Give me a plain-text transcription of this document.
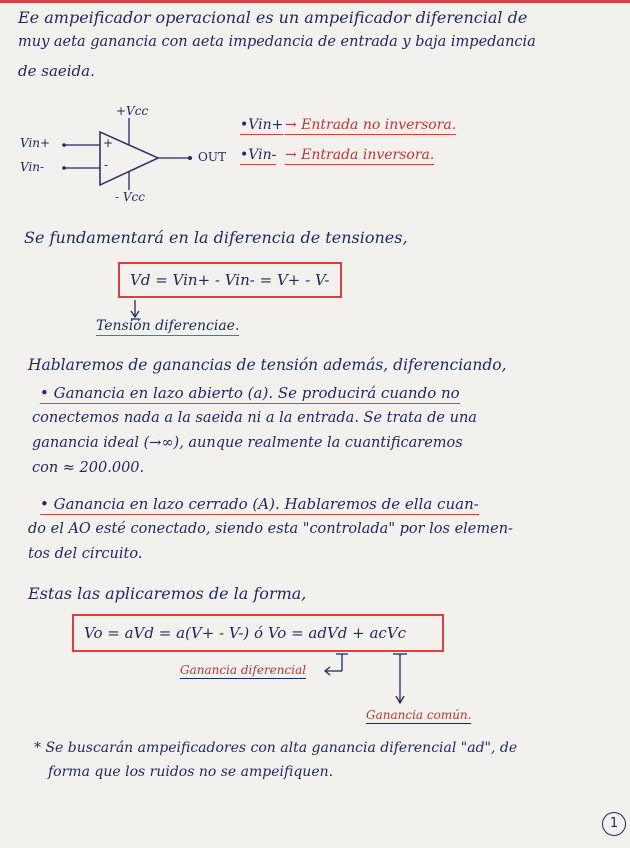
Ee ampeificador operacional es un ampeificador diferencial de
muy aeta ganancia con aeta impedancia de entrada y baja impedancia
de saeida.
+Vcc
- Vcc
Vin+
Vin-
+
-
OUT
•Vin+ → Entrada no inversora.
•Vin- → Entrada inversora.
Se fundamentará en la diferencia de tensiones,
Vd = Vin+ - Vin- = V+ - V-
Tensión diferenciae.
Hablaremos de ganancias de tensión además, diferenciando,
• Ganancia en lazo abierto (a). Se producirá cuando no
conectemos nada a la saeida ni a la entrada. Se trata de una
ganancia ideal (→∞), aunque realmente la cuantificaremos
con ≈ 200.000.
• Ganancia en lazo cerrado (A). Hablaremos de ella cuan-
do el AO esté conectado, siendo esta "controlada" por los elemen-
tos del circuito.
Estas las aplicaremos de la forma,
Vo = aVd = a(V+ - V-) ó Vo = adVd + acVc
Ganancia diferencial
Ganancia común.
* Se buscarán ampeificadores con alta ganancia diferencial "ad", de
forma que los ruidos no se ampeifiquen.
1
